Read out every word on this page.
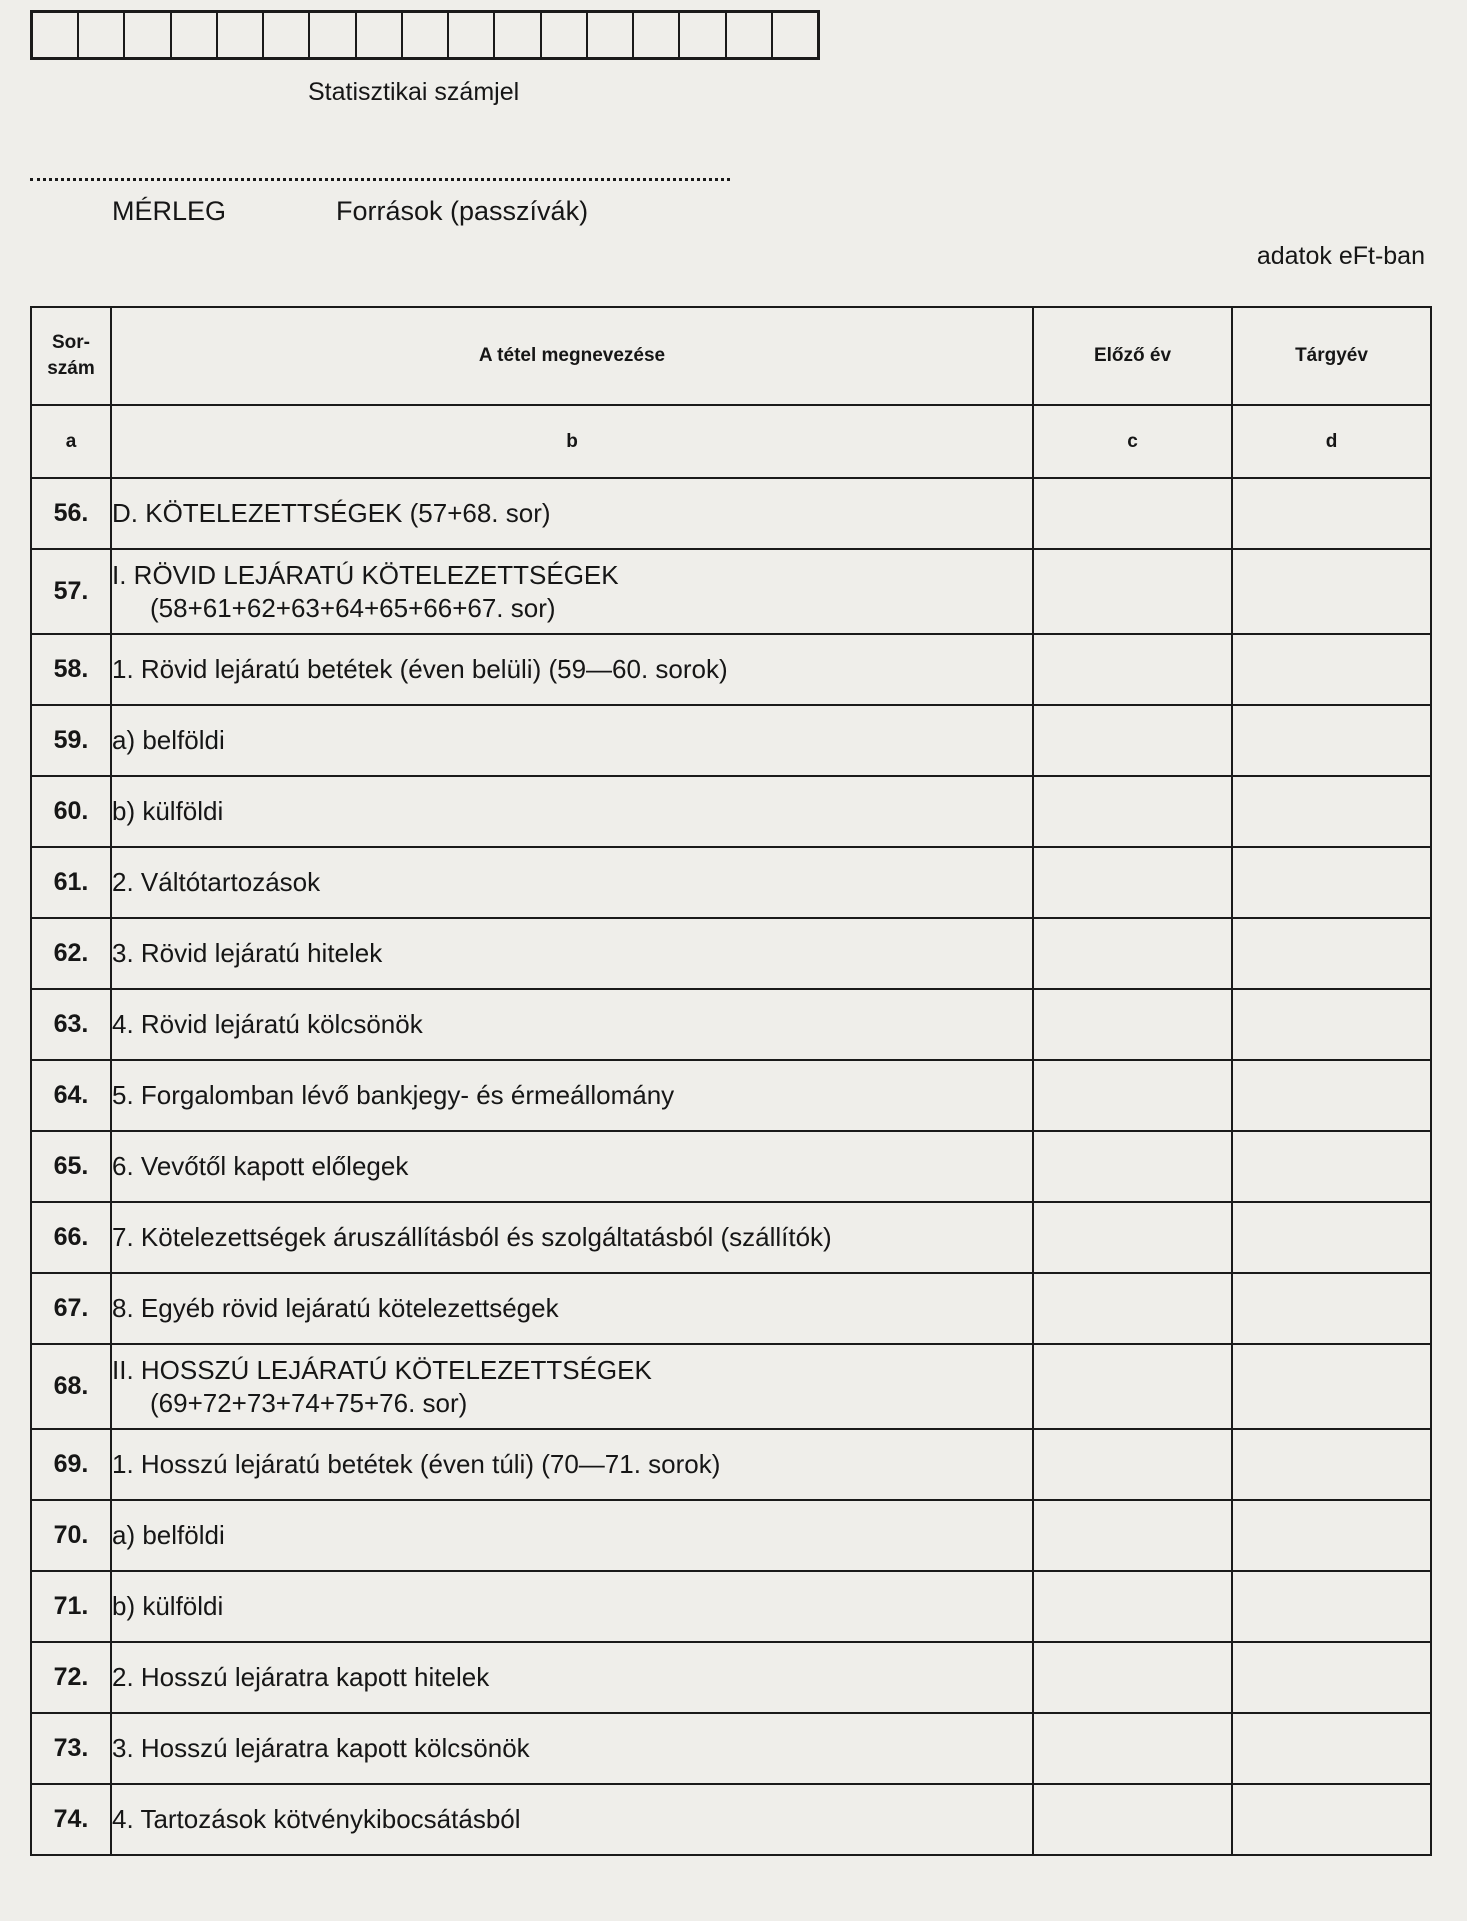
Statisztikai számjel
MÉRLEG	Források (passzívák)
adatok eFt-ban
Sor-
szám	A tétel megnevezése	Előző év	Tárgyév
a	b	c	d
56.	D. KÖTELEZETTSÉGEK (57+68. sor)		

57.	I. RÖVID LEJÁRATÚ KÖTELEZETTSÉGEK
(58+61+62+63+64+65+66+67. sor)		

58.	1. Rövid lejáratú betétek (éven belüli) (59—60. sorok)		

59.	a) belföldi		

60.	b) külföldi		

61.	2. Váltótartozások		

62.	3. Rövid lejáratú hitelek		

63.	4. Rövid lejáratú kölcsönök		

64.	5. Forgalomban lévő bankjegy- és érmeállomány		

65.	6. Vevőtől kapott előlegek		

66.	7. Kötelezettségek áruszállításból és szolgáltatásból (szállítók)		

67.	8. Egyéb rövid lejáratú kötelezettségek		

68.	II. HOSSZÚ LEJÁRATÚ KÖTELEZETTSÉGEK
(69+72+73+74+75+76. sor)		

69.	1. Hosszú lejáratú betétek (éven túli) (70—71. sorok)		

70.	a) belföldi		

71.	b) külföldi		

72.	2. Hosszú lejáratra kapott hitelek		

73.	3. Hosszú lejáratra kapott kölcsönök		

74.	4. Tartozások kötvénykibocsátásból		
